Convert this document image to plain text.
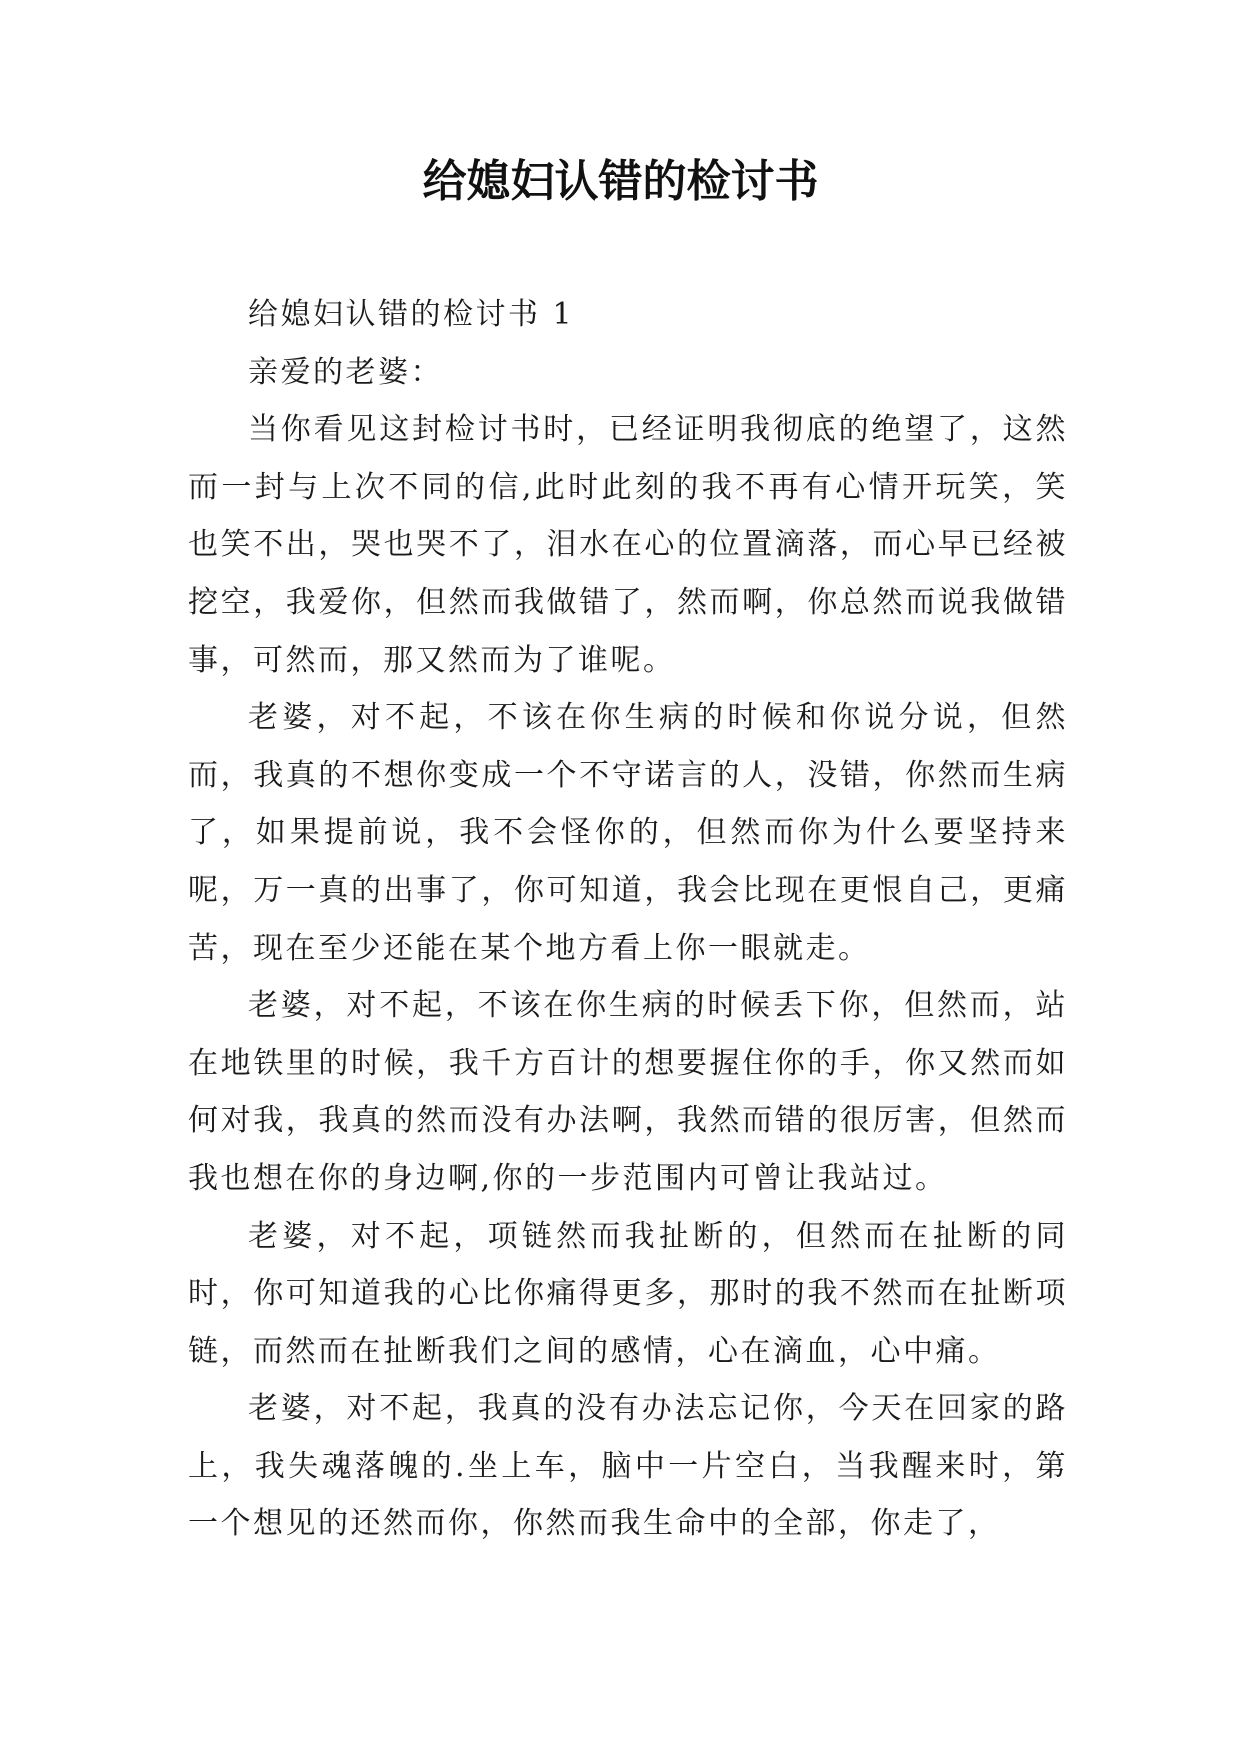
给媳妇认错的检讨书

给媳妇认错的检讨书 1

亲爱的老婆：

当你看见这封检讨书时，已经证明我彻底的绝望了，这然而一封与上次不同的信,此时此刻的我不再有心情开玩笑，笑也笑不出，哭也哭不了，泪水在心的位置滴落，而心早已经被挖空，我爱你，但然而我做错了，然而啊，你总然而说我做错事，可然而，那又然而为了谁呢。

老婆，对不起，不该在你生病的时候和你说分说，但然而，我真的不想你变成一个不守诺言的人，没错，你然而生病了，如果提前说，我不会怪你的，但然而你为什么要坚持来呢，万一真的出事了，你可知道，我会比现在更恨自己，更痛苦，现在至少还能在某个地方看上你一眼就走。

老婆，对不起，不该在你生病的时候丢下你，但然而，站在地铁里的时候，我千方百计的想要握住你的手，你又然而如何对我，我真的然而没有办法啊，我然而错的很厉害，但然而我也想在你的身边啊,你的一步范围内可曾让我站过。

老婆，对不起，项链然而我扯断的，但然而在扯断的同时，你可知道我的心比你痛得更多，那时的我不然而在扯断项链，而然而在扯断我们之间的感情，心在滴血，心中痛。

老婆，对不起，我真的没有办法忘记你，今天在回家的路上，我失魂落魄的.坐上车，脑中一片空白，当我醒来时，第一个想见的还然而你，你然而我生命中的全部，你走了，
